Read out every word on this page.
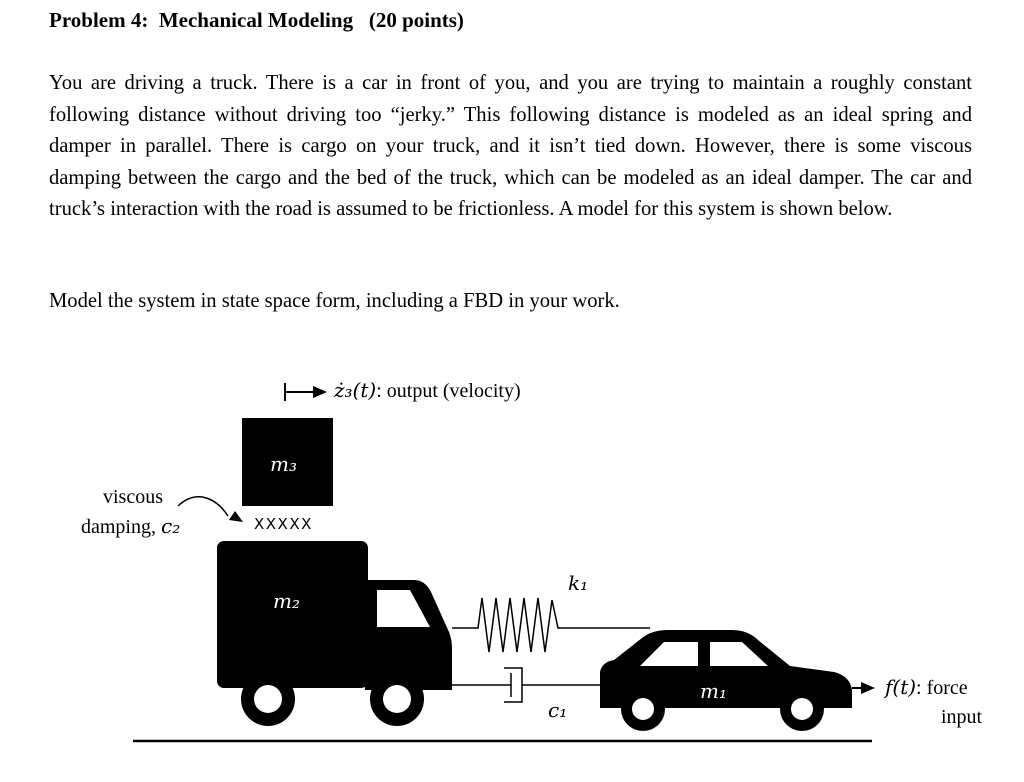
Problem 4:  Mechanical Modeling   (20 points)
You are driving a truck. There is a car in front of you, and you are trying to maintain a roughly constant following distance without driving too “jerky.” This following distance is modeled as an ideal spring and damper in parallel. There is cargo on your truck, and it isn’t tied down. However, there is some viscous damping between the cargo and the bed of the truck, which can be modeled as an ideal damper. The car and truck’s interaction with the road is assumed to be frictionless. A model for this system is shown below.
Model the system in state space form, including a FBD in your work.
ż₃(t): output (velocity)
m₃
viscous
damping, c₂	XXXXX
m₂
k₁
c₁
m₁	f(t): force
input
